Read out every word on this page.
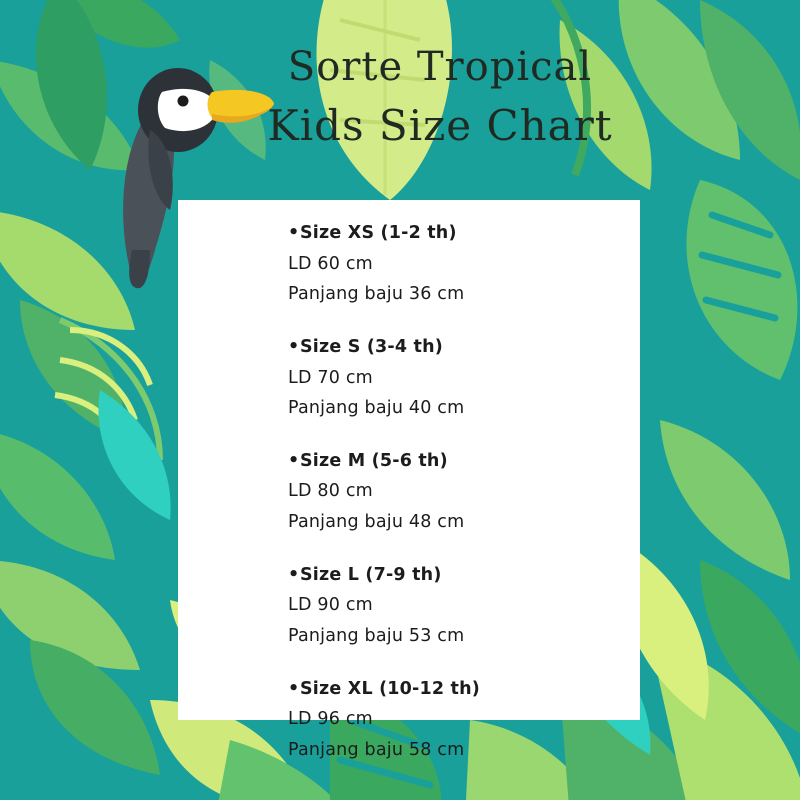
Sorte Tropical
Kids Size Chart
•Size XS (1-2 th)
LD 60 cm
Panjang baju 36 cm
•Size S (3-4 th)
LD 70 cm
Panjang baju 40 cm
•Size M (5-6 th)
LD 80 cm
Panjang baju 48 cm
•Size L (7-9 th)
LD 90 cm
Panjang baju 53 cm
•Size XL (10-12 th)
LD 96 cm
Panjang baju 58 cm
